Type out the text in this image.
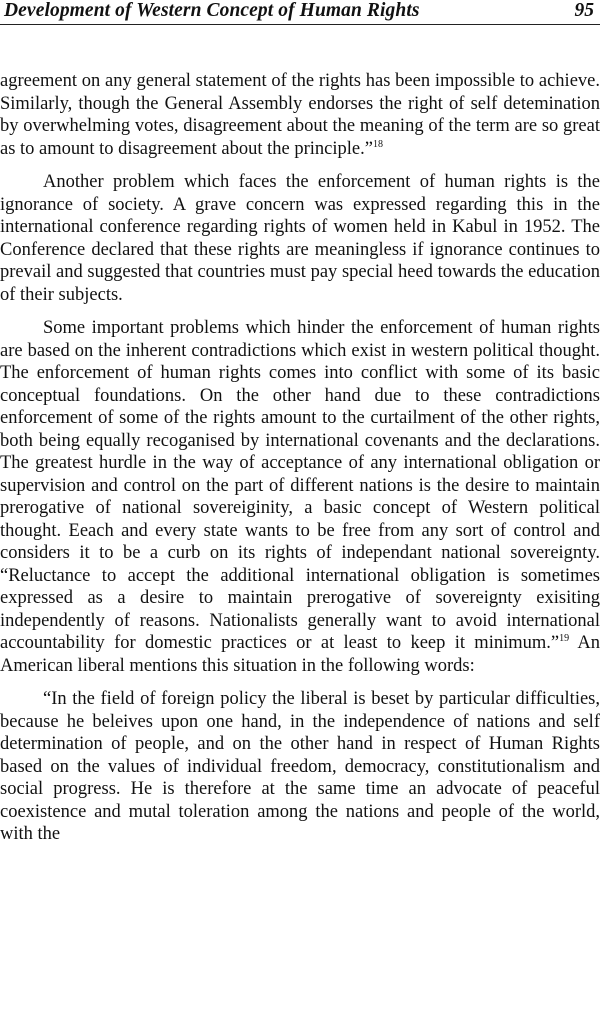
Development of Western Concept of Human Rights	95

agreement on any general statement of the rights has been impossible to achieve. Similarly, though the General Assembly endorses the right of self detemination by overwhelming votes, disagreement about the meaning of the term are so great as to amount to disagreement about the principle.”$^{18}$

Another problem which faces the enforcement of human rights is the ignorance of society. A grave concern was expressed regarding this in the international conference regarding rights of women held in Kabul in 1952. The Conference declared that these rights are meaningless if ignorance continues to prevail and suggested that countries must pay special heed towards the education of their subjects.

Some important problems which hinder the enforcement of human rights are based on the inherent contradictions which exist in western political thought. The enforcement of human rights comes into conflict with some of its basic conceptual foundations. On the other hand due to these contradictions enforcement of some of the rights amount to the curtailment of the other rights, both being equally recoganised by international covenants and the declarations. The greatest hurdle in the way of acceptance of any international obligation or supervision and control on the part of different nations is the desire to maintain prerogative of national sovereiginity, a basic concept of Western political thought. Eeach and every state wants to be free from any sort of control and considers it to be a curb on its rights of independant national sovereignty. “Reluctance to accept the additional international obligation is sometimes expressed as a desire to maintain prerogative of sovereignty exisiting independently of reasons. Nationalists generally want to avoid international accountability for domestic practices or at least to keep it minimum.”$^{19}$ An American liberal mentions this situation in the following words:

“In the field of foreign policy the liberal is beset by particular difficulties, because he beleives upon one hand, in the independence of nations and self determination of people, and on the other hand in respect of Human Rights based on the values of individual freedom, democracy, constitutionalism and social progress. He is therefore at the same time an advocate of peaceful coexistence and mutal toleration among the nations and people of the world, with the
